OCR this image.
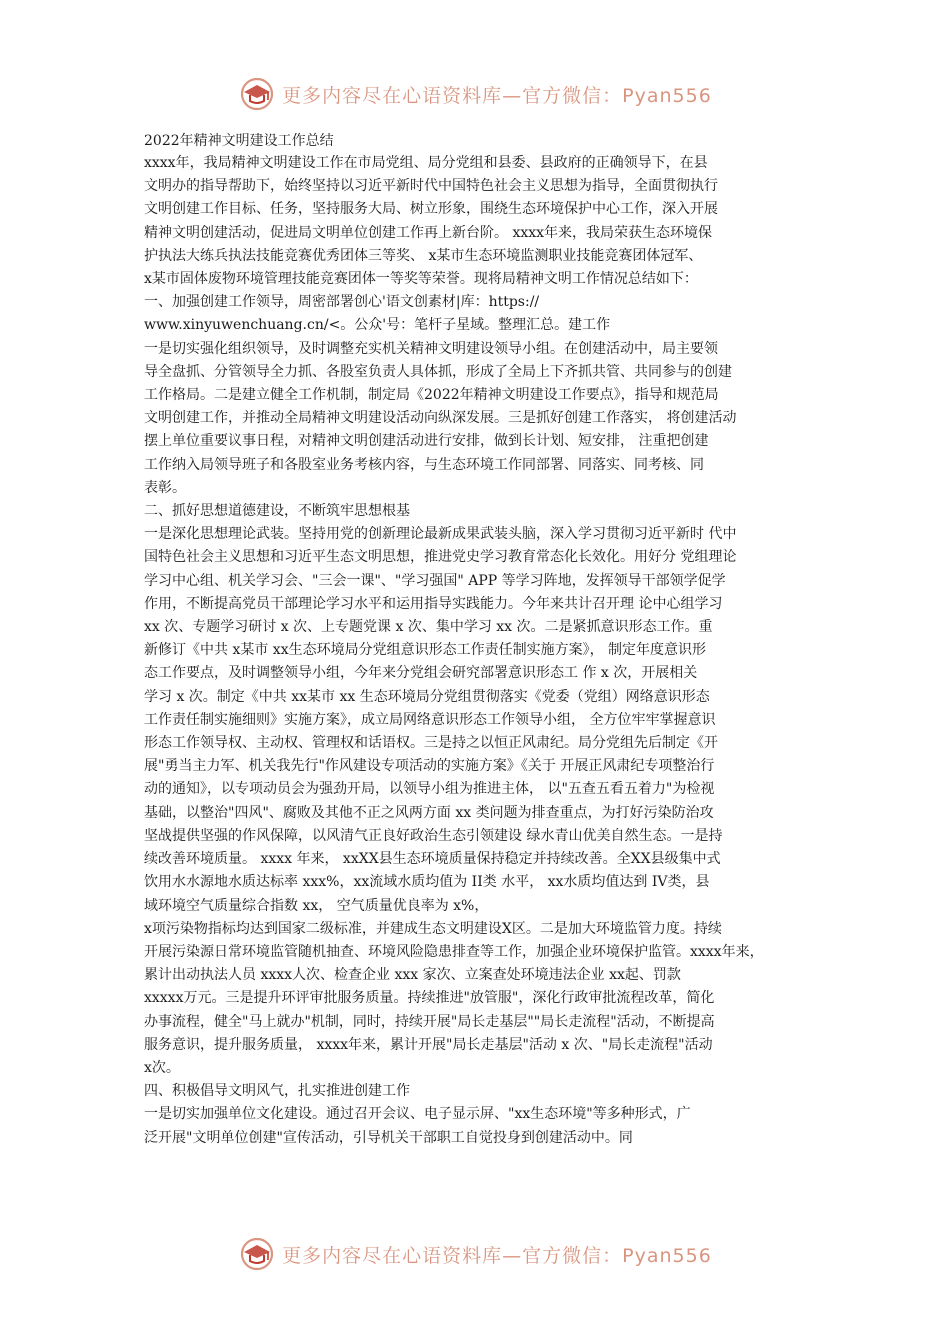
更多内容尽在心语资料库—官方微信：Pyan556
2022年精神文明建设工作总结

xxxx年，我局精神文明建设工作在市局党组、局分党组和县委、县政府的正确领导下，在县

文明办的指导帮助下，始终坚持以习近平新时代中国特色社会主义思想为指导，全面贯彻执行

文明创建工作目标、任务，坚持服务大局、树立形象，围绕生态环境保护中心工作，深入开展

精神文明创建活动，促进局文明单位创建工作再上新台阶。 xxxx年来，我局荣获生态环境保

护执法大练兵执法技能竞赛优秀团体三等奖、 x某市生态环境监测职业技能竞赛团体冠军、

x某市固体废物环境管理技能竞赛团体一等奖等荣誉。现将局精神文明工作情况总结如下：

一、加强创建工作领导，周密部署创心'语文创素材|库：https://

www.xinyuwenchuang.cn/<。公众'号：笔杆子星域。整理汇总。建工作

一是切实强化组织领导，及时调整充实机关精神文明建设领导小组。在创建活动中，局主要领

导全盘抓、分管领导全力抓、各股室负责人具体抓，形成了全局上下齐抓共管、共同参与的创建

工作格局。二是建立健全工作机制，制定局《2022年精神文明建设工作要点》，指导和规范局

文明创建工作，并推动全局精神文明建设活动向纵深发展。三是抓好创建工作落实， 将创建活动

摆上单位重要议事日程，对精神文明创建活动进行安排，做到长计划、短安排， 注重把创建

工作纳入局领导班子和各股室业务考核内容，与生态环境工作同部署、同落实、同考核、同

表彰。

二、抓好思想道德建设，不断筑牢思想根基

一是深化思想理论武装。坚持用党的创新理论最新成果武装头脑，深入学习贯彻习近平新时 代中

国特色社会主义思想和习近平生态文明思想，推进党史学习教育常态化长效化。用好分 党组理论

学习中心组、机关学习会、"三会一课"、"学习强国" APP 等学习阵地，发挥领导干部领学促学

作用，不断提高党员干部理论学习水平和运用指导实践能力。今年来共计召开理 论中心组学习

xx 次、专题学习研讨 x 次、上专题党课 x 次、集中学习 xx 次。二是紧抓意识形态工作。重

新修订《中共 x某市 xx生态环境局分党组意识形态工作责任制实施方案》， 制定年度意识形

态工作要点，及时调整领导小组，今年来分党组会研究部署意识形态工 作 x 次，开展相关

学习 x 次。制定《中共 xx某市 xx 生态环境局分党组贯彻落实《党委（党组）网络意识形态

工作责任制实施细则》实施方案》，成立局网络意识形态工作领导小组， 全方位牢牢掌握意识

形态工作领导权、主动权、管理权和话语权。三是持之以恒正风肃纪。局分党组先后制定《开

展"勇当主力军、机关我先行"作风建设专项活动的实施方案》《关于 开展正风肃纪专项整治行

动的通知》，以专项动员会为强劲开局，以领导小组为推进主体， 以"五查五看五着力"为检视

基础，以整治"四风"、腐败及其他不正之风两方面 xx 类问题为排查重点，为打好污染防治攻

坚战提供坚强的作风保障，以风清气正良好政治生态引领建设 绿水青山优美自然生态。一是持

续改善环境质量。 xxxx 年来， xxXX县生态环境质量保持稳定并持续改善。全XX县级集中式

饮用水水源地水质达标率 xxx%，xx流域水质均值为 II类 水平， xx水质均值达到 IV类，县

域环境空气质量综合指数 xx， 空气质量优良率为 x%，

x项污染物指标均达到国家二级标准，并建成生态文明建设X区。二是加大环境监管力度。持续

开展污染源日常环境监管随机抽查、环境风险隐患排查等工作，加强企业环境保护监管。xxxx年来，

累计出动执法人员 xxxx人次、检查企业 xxx 家次、立案查处环境违法企业 xx起、罚款

xxxxx万元。三是提升环评审批服务质量。持续推进"放管服"，深化行政审批流程改革，简化

办事流程，健全"马上就办"机制，同时，持续开展"局长走基层""局长走流程"活动，不断提高

服务意识，提升服务质量， xxxx年来，累计开展"局长走基层"活动 x 次、"局长走流程"活动

x次。

四、积极倡导文明风气，扎实推进创建工作

一是切实加强单位文化建设。通过召开会议、电子显示屏、"xx生态环境"等多种形式，广

泛开展"文明单位创建"宣传活动，引导机关干部职工自觉投身到创建活动中。同

更多内容尽在心语资料库—官方微信：Pyan556
